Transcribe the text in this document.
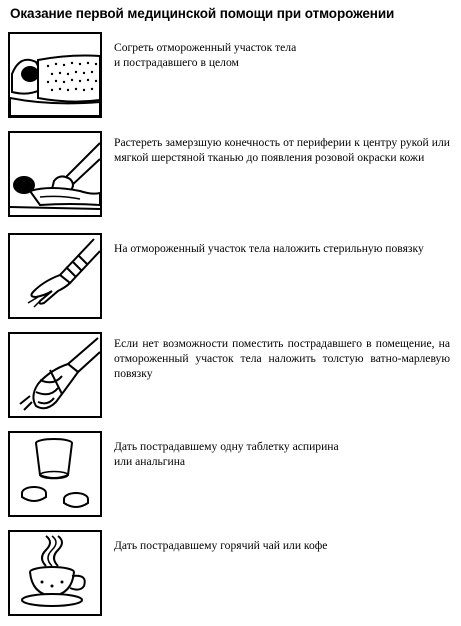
Оказание первой медицинской помощи при отморожении
Согреть отмороженный участок тела
и пострадавшего в целом
Растереть замерзшую конечность от периферии к центру рукой или мягкой шерстяной тканью до появления розовой окраски кожи
На отмороженный участок тела наложить стерильную повязку
Если нет возможности поместить пострадавшего в помещение, на отмороженный участок тела наложить толстую ватно-марлевую повязку
Дать пострадавшему одну таблетку аспирина
или анальгина
Дать пострадавшему горячий чай или кофе
